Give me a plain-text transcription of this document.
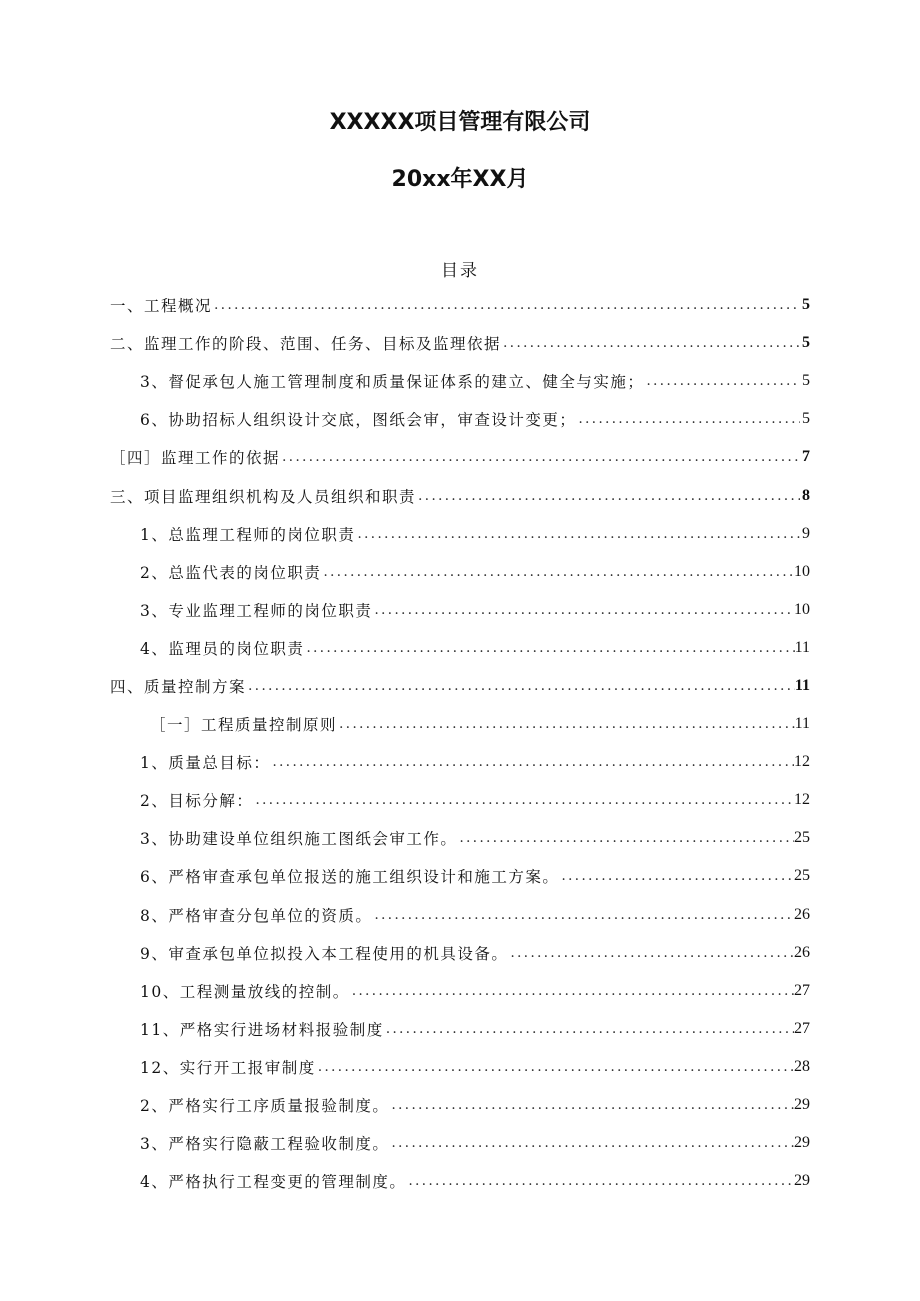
XXXXX项目管理有限公司
20xx年XX月
目录
一、工程概况 .....	5
二、监理工作的阶段、范围、任务、目标及监理依据 .....	5
3、督促承包人施工管理制度和质量保证体系的建立、健全与实施； .....	5
6、协助招标人组织设计交底，图纸会审，审查设计变更； .....	5
［四］监理工作的依据 .....	7
三、项目监理组织机构及人员组织和职责 .....	8
1、总监理工程师的岗位职责 .....	9
2、总监代表的岗位职责 .....	10
3、专业监理工程师的岗位职责 .....	10
4、监理员的岗位职责 .....	11
四、质量控制方案 .....	11
［一］工程质量控制原则 .....	11
1、质量总目标： .....	12
2、目标分解： .....	12
3、协助建设单位组织施工图纸会审工作。 .....	25
6、严格审查承包单位报送的施工组织设计和施工方案。 .....	25
8、严格审查分包单位的资质。 .....	26
9、审查承包单位拟投入本工程使用的机具设备。 .....	26
10、工程测量放线的控制。 .....	27
11、严格实行进场材料报验制度 .....	27
12、实行开工报审制度 .....	28
2、严格实行工序质量报验制度。 .....	29
3、严格实行隐蔽工程验收制度。 .....	29
4、严格执行工程变更的管理制度。 .....	29
